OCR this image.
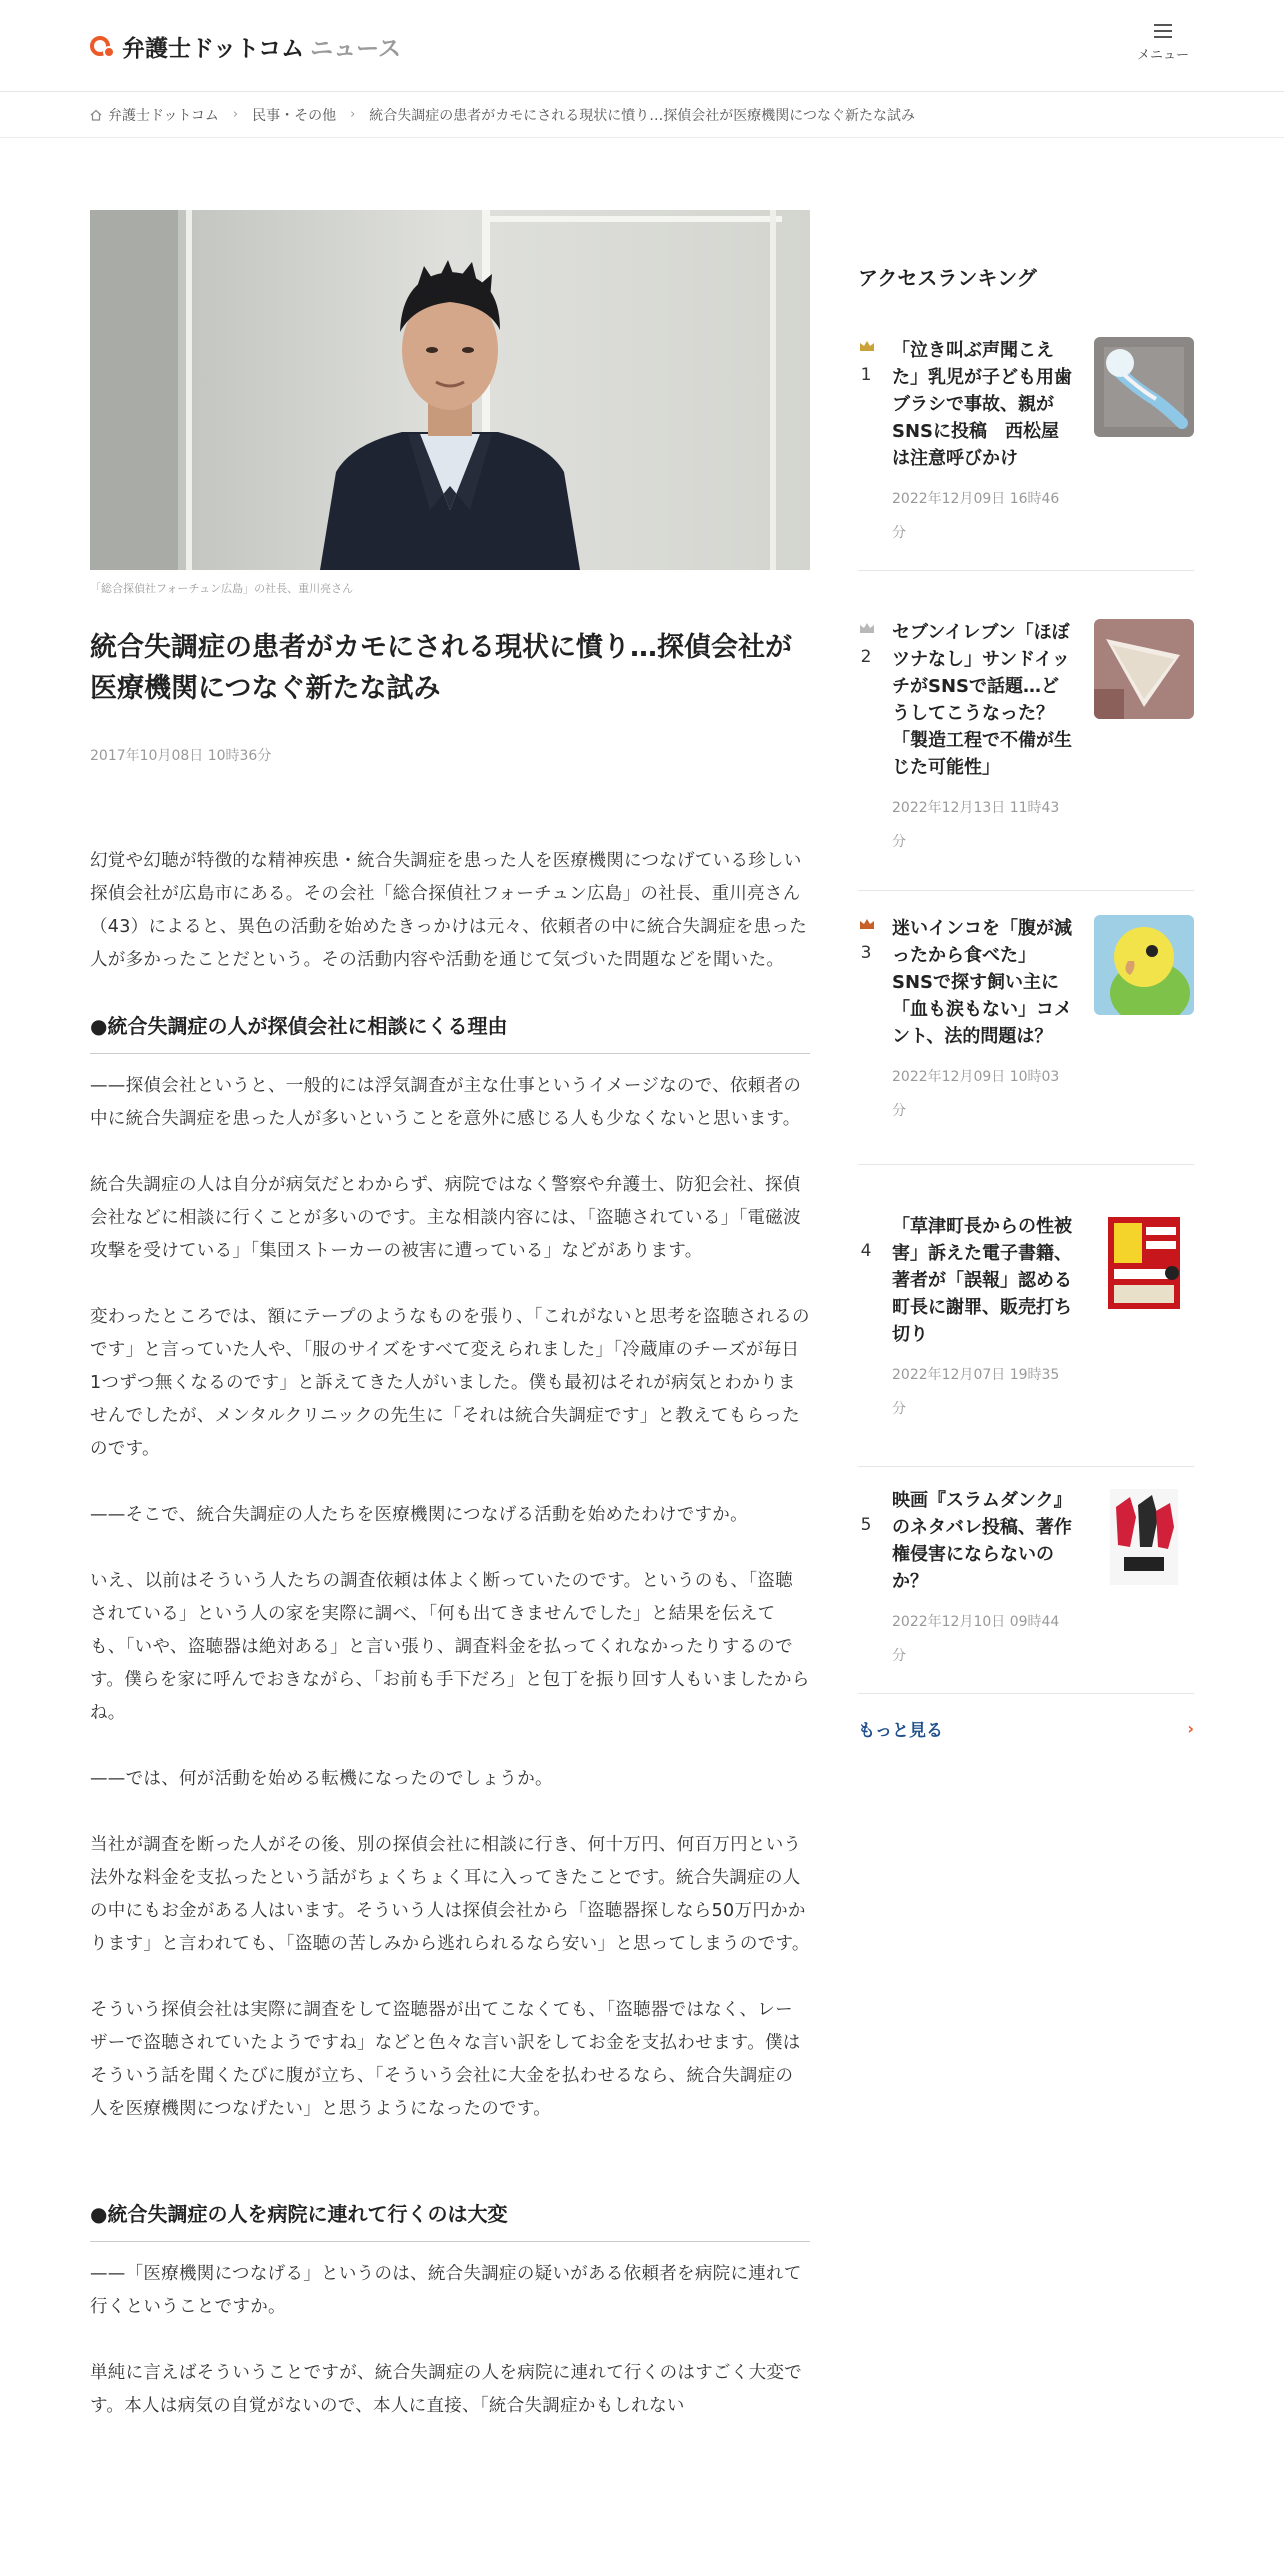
弁護士ドットコム ニュース	メニュー
弁護士ドットコム › 民事・その他 › 統合失調症の患者がカモにされる現状に憤り…探偵会社が医療機関につなぐ新たな試み
「総合探偵社フォーチュン広島」の社長、重川亮さん
統合失調症の患者がカモにされる現状に憤り…探偵会社が医療機関につなぐ新たな試み
2017年10月08日 10時36分

幻覚や幻聴が特徴的な精神疾患・統合失調症を患った人を医療機関につなげている珍しい探偵会社が広島市にある。その会社「総合探偵社フォーチュン広島」の社長、重川亮さん（43）によると、異色の活動を始めたきっかけは元々、依頼者の中に統合失調症を患った人が多かったことだという。その活動内容や活動を通じて気づいた問題などを聞いた。

●統合失調症の人が探偵会社に相談にくる理由

——探偵会社というと、一般的には浮気調査が主な仕事というイメージなので、依頼者の中に統合失調症を患った人が多いということを意外に感じる人も少なくないと思います。

統合失調症の人は自分が病気だとわからず、病院ではなく警察や弁護士、防犯会社、探偵会社などに相談に行くことが多いのです。主な相談内容には、「盗聴されている」「電磁波攻撃を受けている」「集団ストーカーの被害に遭っている」などがあります。

変わったところでは、額にテープのようなものを張り、「これがないと思考を盗聴されるのです」と言っていた人や、「服のサイズをすべて変えられました」「冷蔵庫のチーズが毎日1つずつ無くなるのです」と訴えてきた人がいました。僕も最初はそれが病気とわかりませんでしたが、メンタルクリニックの先生に「それは統合失調症です」と教えてもらったのです。

——そこで、統合失調症の人たちを医療機関につなげる活動を始めたわけですか。

いえ、以前はそういう人たちの調査依頼は体よく断っていたのです。というのも、「盗聴されている」という人の家を実際に調べ、「何も出てきませんでした」と結果を伝えても、「いや、盗聴器は絶対ある」と言い張り、調査料金を払ってくれなかったりするのです。僕らを家に呼んでおきながら、「お前も手下だろ」と包丁を振り回す人もいましたからね。

——では、何が活動を始める転機になったのでしょうか。

当社が調査を断った人がその後、別の探偵会社に相談に行き、何十万円、何百万円という法外な料金を支払ったという話がちょくちょく耳に入ってきたことです。統合失調症の人の中にもお金がある人はいます。そういう人は探偵会社から「盗聴器探しなら50万円かかります」と言われても、「盗聴の苦しみから逃れられるなら安い」と思ってしまうのです。

そういう探偵会社は実際に調査をして盗聴器が出てこなくても、「盗聴器ではなく、レーザーで盗聴されていたようですね」などと色々な言い訳をしてお金を支払わせます。僕はそういう話を聞くたびに腹が立ち、「そういう会社に大金を払わせるなら、統合失調症の人を医療機関につなげたい」と思うようになったのです。

●統合失調症の人を病院に連れて行くのは大変

——「医療機関につなげる」というのは、統合失調症の疑いがある依頼者を病院に連れて行くということですか。

単純に言えばそういうことですが、統合失調症の人を病院に連れて行くのはすごく大変です。本人は病気の自覚がないので、本人に直接、「統合失調症かもしれない

アクセスランキング
1
「泣き叫ぶ声聞こえた」乳児が子ども用歯ブラシで事故、親がSNSに投稿　西松屋は注意呼びかけ
2022年12月09日 16時46分
2
セブンイレブン「ほぼツナなし」サンドイッチがSNSで話題…どうしてこうなった？　「製造工程で不備が生じた可能性」
2022年12月13日 11時43分
3
迷いインコを「腹が減ったから食べた」SNSで探す飼い主に「血も涙もない」コメント、法的問題は？
2022年12月09日 10時03分
4
「草津町長からの性被害」訴えた電子書籍、著者が「誤報」認める　町長に謝罪、販売打ち切り
2022年12月07日 19時35分
5
映画『スラムダンク』のネタバレ投稿、著作権侵害にならないのか？
2022年12月10日 09時44分
もっと見る	›
